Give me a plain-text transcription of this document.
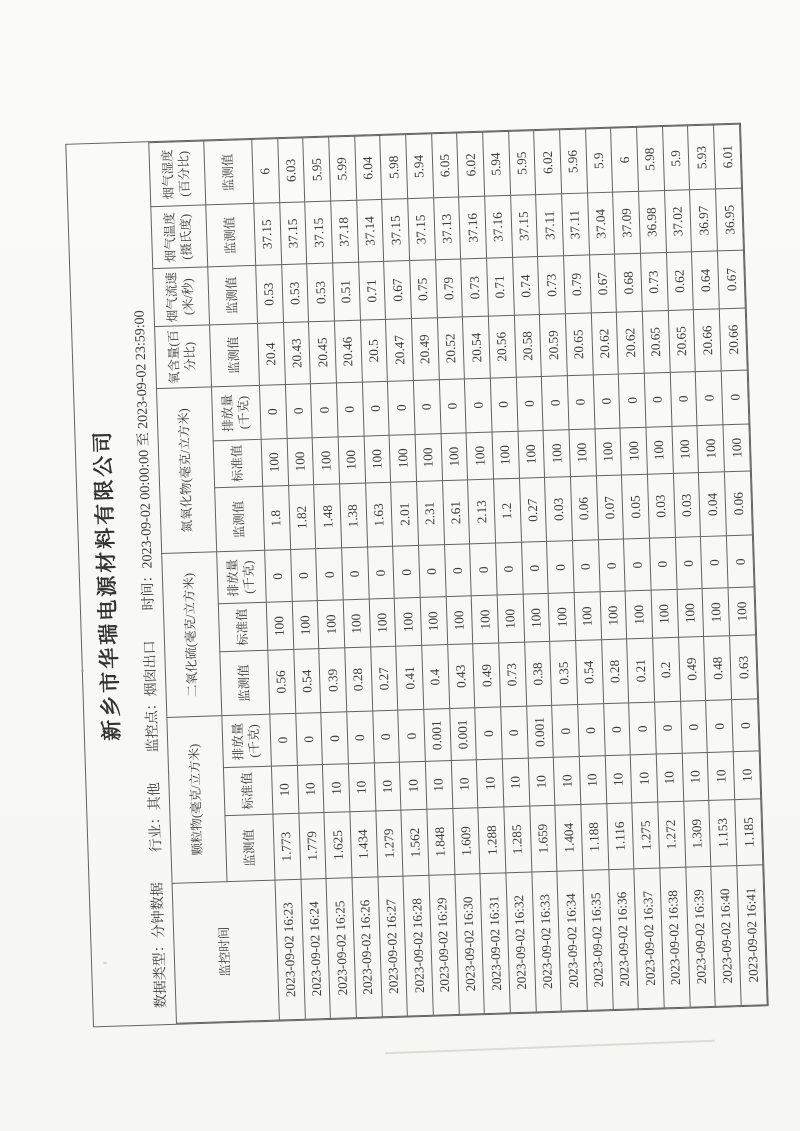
新乡市华瑞电源材料有限公司
数据类型：分钟数据
行业：其他
监控点：烟囱出口
时间：2023-09-02 00:00:00 至 2023-09-02 23:59:00
监控时间	颗粒物(毫克/立方米)			二氧化硫(毫克/立方米)			氮氧化物(毫克/立方米)			氧含量(百分比)	烟气流速(米/秒)	烟气温度(摄氏度)	烟气湿度(百分比)
	监测值	标准值	排放量(千克)	监测值	标准值	排放量(千克)	监测值	标准值	排放量(千克)	监测值	监测值	监测值	监测值
2023-09-02 16:23	1.773	10	0	0.56	100	0	1.8	100	0	20.4	0.53	37.15	6
2023-09-02 16:24	1.779	10	0	0.54	100	0	1.82	100	0	20.43	0.53	37.15	6.03
2023-09-02 16:25	1.625	10	0	0.39	100	0	1.48	100	0	20.45	0.53	37.15	5.95
2023-09-02 16:26	1.434	10	0	0.28	100	0	1.38	100	0	20.46	0.51	37.18	5.99
2023-09-02 16:27	1.279	10	0	0.27	100	0	1.63	100	0	20.5	0.71	37.14	6.04
2023-09-02 16:28	1.562	10	0	0.41	100	0	2.01	100	0	20.47	0.67	37.15	5.98
2023-09-02 16:29	1.848	10	0.001	0.4	100	0	2.31	100	0	20.49	0.75	37.15	5.94
2023-09-02 16:30	1.609	10	0.001	0.43	100	0	2.61	100	0	20.52	0.79	37.13	6.05
2023-09-02 16:31	1.288	10	0	0.49	100	0	2.13	100	0	20.54	0.73	37.16	6.02
2023-09-02 16:32	1.285	10	0	0.73	100	0	1.2	100	0	20.56	0.71	37.16	5.94
2023-09-02 16:33	1.659	10	0.001	0.38	100	0	0.27	100	0	20.58	0.74	37.15	5.95
2023-09-02 16:34	1.404	10	0	0.35	100	0	0.03	100	0	20.59	0.73	37.11	6.02
2023-09-02 16:35	1.188	10	0	0.54	100	0	0.06	100	0	20.65	0.79	37.11	5.96
2023-09-02 16:36	1.116	10	0	0.28	100	0	0.07	100	0	20.62	0.67	37.04	5.9
2023-09-02 16:37	1.275	10	0	0.21	100	0	0.05	100	0	20.62	0.68	37.09	6
2023-09-02 16:38	1.272	10	0	0.2	100	0	0.03	100	0	20.65	0.73	36.98	5.98
2023-09-02 16:39	1.309	10	0	0.49	100	0	0.03	100	0	20.65	0.62	37.02	5.9
2023-09-02 16:40	1.153	10	0	0.48	100	0	0.04	100	0	20.66	0.64	36.97	5.93
2023-09-02 16:41	1.185	10	0	0.63	100	0	0.06	100	0	20.66	0.67	36.95	6.01
